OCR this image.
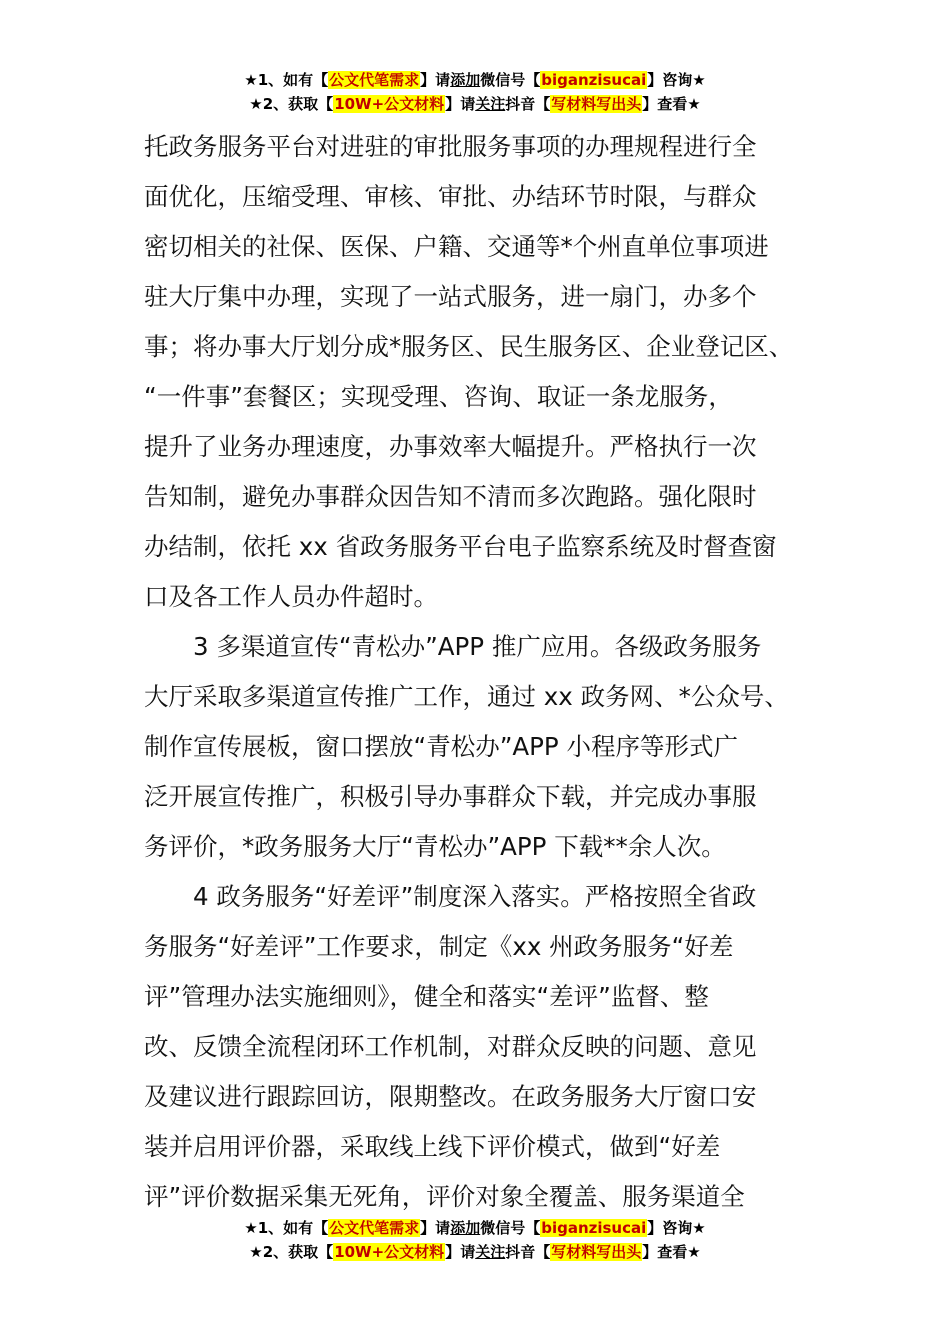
★1、如有【公文代笔需求】请添加微信号【biganzisucai】咨询★
★2、获取【10W+公文材料】请关注抖音【写材料写出头】查看★

托政务服务平台对进驻的审批服务事项的办理规程进行全
面优化，压缩受理、审核、审批、办结环节时限，与群众
密切相关的社保、医保、户籍、交通等*个州直单位事项进
驻大厅集中办理，实现了一站式服务，进一扇门，办多个
事；将办事大厅划分成*服务区、民生服务区、企业登记区、
“一件事”套餐区；实现受理、咨询、取证一条龙服务，
提升了业务办理速度，办事效率大幅提升。严格执行一次
告知制，避免办事群众因告知不清而多次跑路。强化限时
办结制，依托 xx 省政务服务平台电子监察系统及时督查窗
口及各工作人员办件超时。

3 多渠道宣传“青松办”APP 推广应用。各级政务服务
大厅采取多渠道宣传推广工作，通过 xx 政务网、*公众号、
制作宣传展板，窗口摆放“青松办”APP 小程序等形式广
泛开展宣传推广，积极引导办事群众下载，并完成办事服
务评价，*政务服务大厅“青松办”APP 下载**余人次。

4 政务服务“好差评”制度深入落实。严格按照全省政
务服务“好差评”工作要求，制定《xx 州政务服务“好差
评”管理办法实施细则》，健全和落实“差评”监督、整
改、反馈全流程闭环工作机制，对群众反映的问题、意见
及建议进行跟踪回访，限期整改。在政务服务大厅窗口安
装并启用评价器，采取线上线下评价模式，做到“好差
评”评价数据采集无死角，评价对象全覆盖、服务渠道全

★1、如有【公文代笔需求】请添加微信号【biganzisucai】咨询★
★2、获取【10W+公文材料】请关注抖音【写材料写出头】查看★
